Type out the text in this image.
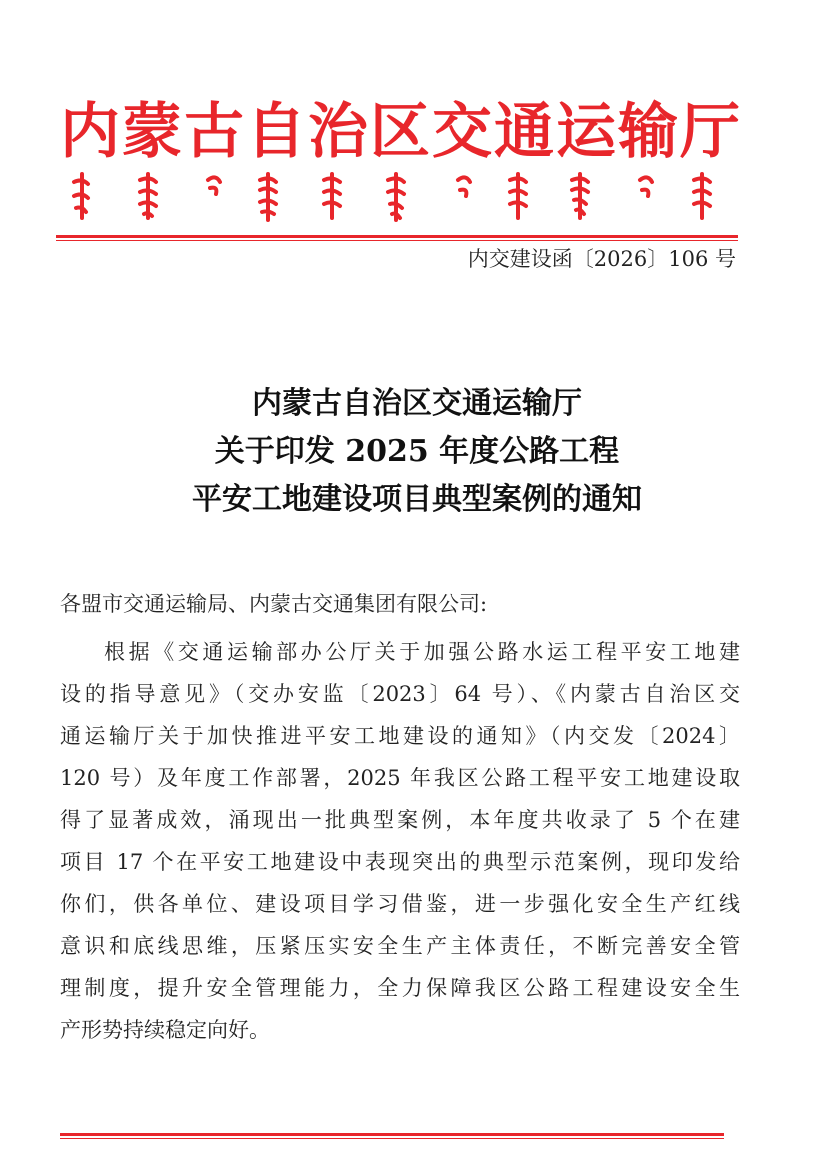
内蒙古自治区交通运输厅
内交建设函〔2026〕106 号
内蒙古自治区交通运输厅
关于印发 2025 年度公路工程
平安工地建设项目典型案例的通知
各盟市交通运输局、内蒙古交通集团有限公司:
根据《交通运输部办公厅关于加强公路水运工程平安工地建
设的指导意见》（交办安监〔2023〕64 号）、《内蒙古自治区交
通运输厅关于加快推进平安工地建设的通知》（内交发〔2024〕
120 号）及年度工作部署，2025 年我区公路工程平安工地建设取
得了显著成效，涌现出一批典型案例，本年度共收录了 5 个在建
项目 17 个在平安工地建设中表现突出的典型示范案例，现印发给
你们，供各单位、建设项目学习借鉴，进一步强化安全生产红线
意识和底线思维，压紧压实安全生产主体责任，不断完善安全管
理制度，提升安全管理能力，全力保障我区公路工程建设安全生
产形势持续稳定向好。
